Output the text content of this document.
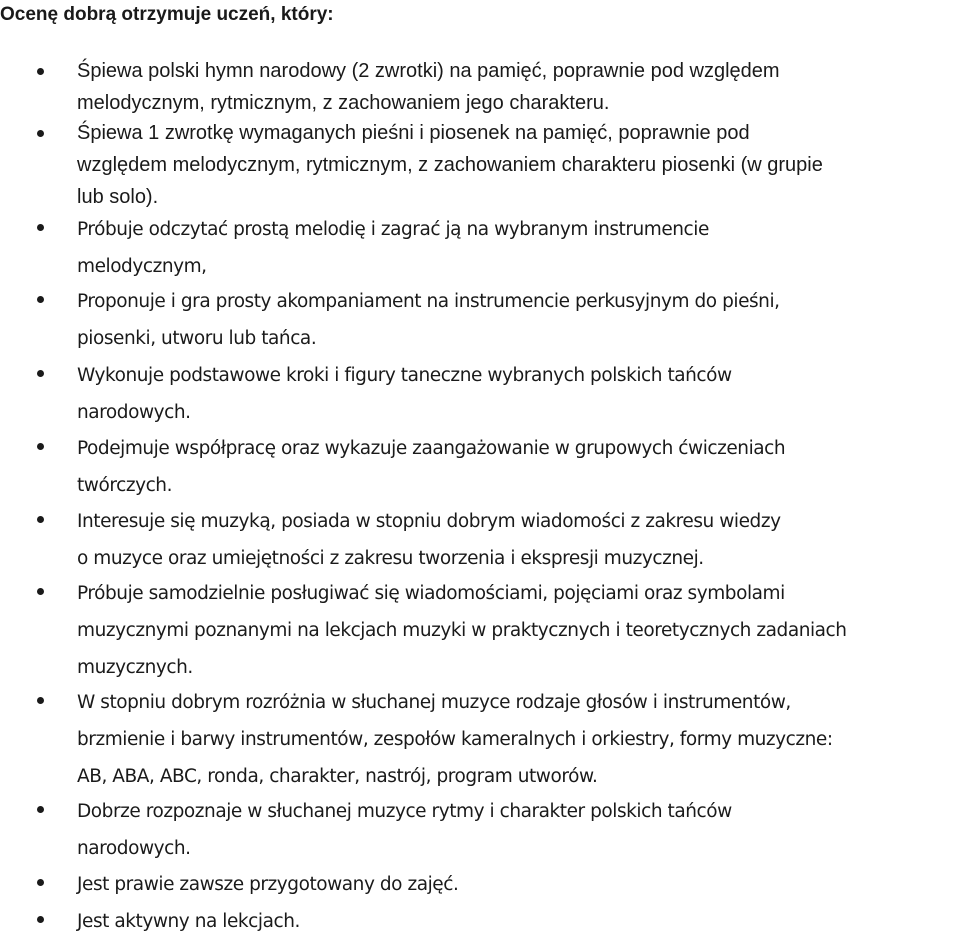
Ocenę dobrą otrzymuje uczeń, który:
Śpiewa polski hymn narodowy (2 zwrotki) na pamięć, poprawnie pod względem
melodycznym, rytmicznym, z zachowaniem jego charakteru.
Śpiewa 1 zwrotkę wymaganych pieśni i piosenek na pamięć, poprawnie pod
względem melodycznym, rytmicznym, z zachowaniem charakteru piosenki (w grupie
lub solo).
Próbuje odczytać prostą melodię i zagrać ją na wybranym instrumencie
melodycznym,
Proponuje i gra prosty akompaniament na instrumencie perkusyjnym do pieśni,
piosenki, utworu lub tańca.
Wykonuje podstawowe kroki i figury taneczne wybranych polskich tańców
narodowych.
Podejmuje współpracę oraz wykazuje zaangażowanie w grupowych ćwiczeniach
twórczych.
Interesuje się muzyką, posiada w stopniu dobrym wiadomości z zakresu wiedzy
o muzyce oraz umiejętności z zakresu tworzenia i ekspresji muzycznej.
Próbuje samodzielnie posługiwać się wiadomościami, pojęciami oraz symbolami
muzycznymi poznanymi na lekcjach muzyki w praktycznych i teoretycznych zadaniach
muzycznych.
W stopniu dobrym rozróżnia w słuchanej muzyce rodzaje głosów i instrumentów,
brzmienie i barwy instrumentów, zespołów kameralnych i orkiestry, formy muzyczne:
AB, ABA, ABC, ronda, charakter, nastrój, program utworów.
Dobrze rozpoznaje w słuchanej muzyce rytmy i charakter polskich tańców
narodowych.
Jest prawie zawsze przygotowany do zajęć.
Jest aktywny na lekcjach.
